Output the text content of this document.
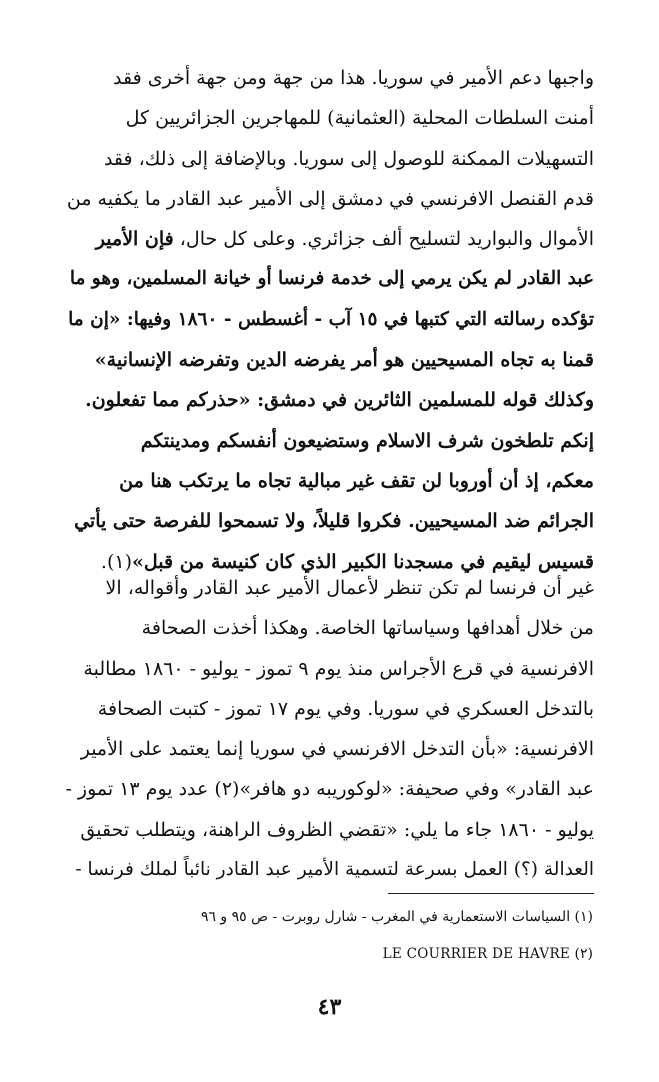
واجبها دعم الأمير في سوريا. هذا من جهة ومن جهة أخرى فقد
أمنت السلطات المحلية (العثمانية) للمهاجرين الجزائريين كل
التسهيلات الممكنة للوصول إلى سوريا. وبالإضافة إلى ذلك، فقد
قدم القنصل الافرنسي في دمشق إلى الأمير عبد القادر ما يكفيه من
الأموال والبواريد لتسليح ألف جزائري. وعلى كل حال، فإن الأمير
عبد القادر لم يكن يرمي إلى خدمة فرنسا أو خيانة المسلمين، وهو ما
تؤكده رسالته التي كتبها في ١٥ آب - أغسطس - ١٨٦٠ وفيها: «إن ما
قمنا به تجاه المسيحيين هو أمر يفرضه الدين وتفرضه الإنسانية»
وكذلك قوله للمسلمين الثائرين في دمشق: «حذركم مما تفعلون.
إنكم تلطخون شرف الاسلام وستضيعون أنفسكم ومدينتكم
معكم، إذ أن أوروبا لن تقف غير مبالية تجاه ما يرتكب هنا من
الجرائم ضد المسيحيين. فكروا قليلاً، ولا تسمحوا للفرصة حتى يأتي
قسيس ليقيم في مسجدنا الكبير الذي كان كنيسة من قبل»(١).
غير أن فرنسا لم تكن تنظر لأعمال الأمير عبد القادر وأقواله، الا
من خلال أهدافها وسياساتها الخاصة. وهكذا أخذت الصحافة
الافرنسية في قرع الأجراس منذ يوم ٩ تموز - يوليو - ١٨٦٠ مطالبة
بالتدخل العسكري في سوريا. وفي يوم ١٧ تموز - كتبت الصحافة
الافرنسية: «بأن التدخل الافرنسي في سوريا إنما يعتمد على الأمير
عبد القادر» وفي صحيفة: «لوكوريبه دو هافر»(٢) عدد يوم ١٣ تموز -
يوليو - ١٨٦٠ جاء ما يلي: «تقضي الظروف الراهنة، ويتطلب تحقيق
العدالة (؟) العمل بسرعة لتسمية الأمير عبد القادر نائباً لملك فرنسا -
(١) السياسات الاستعمارية في المغرب - شارل روبرت - ص ٩٥ و ٩٦
(٢) LE COURRIER DE HAVRE
٤٣
